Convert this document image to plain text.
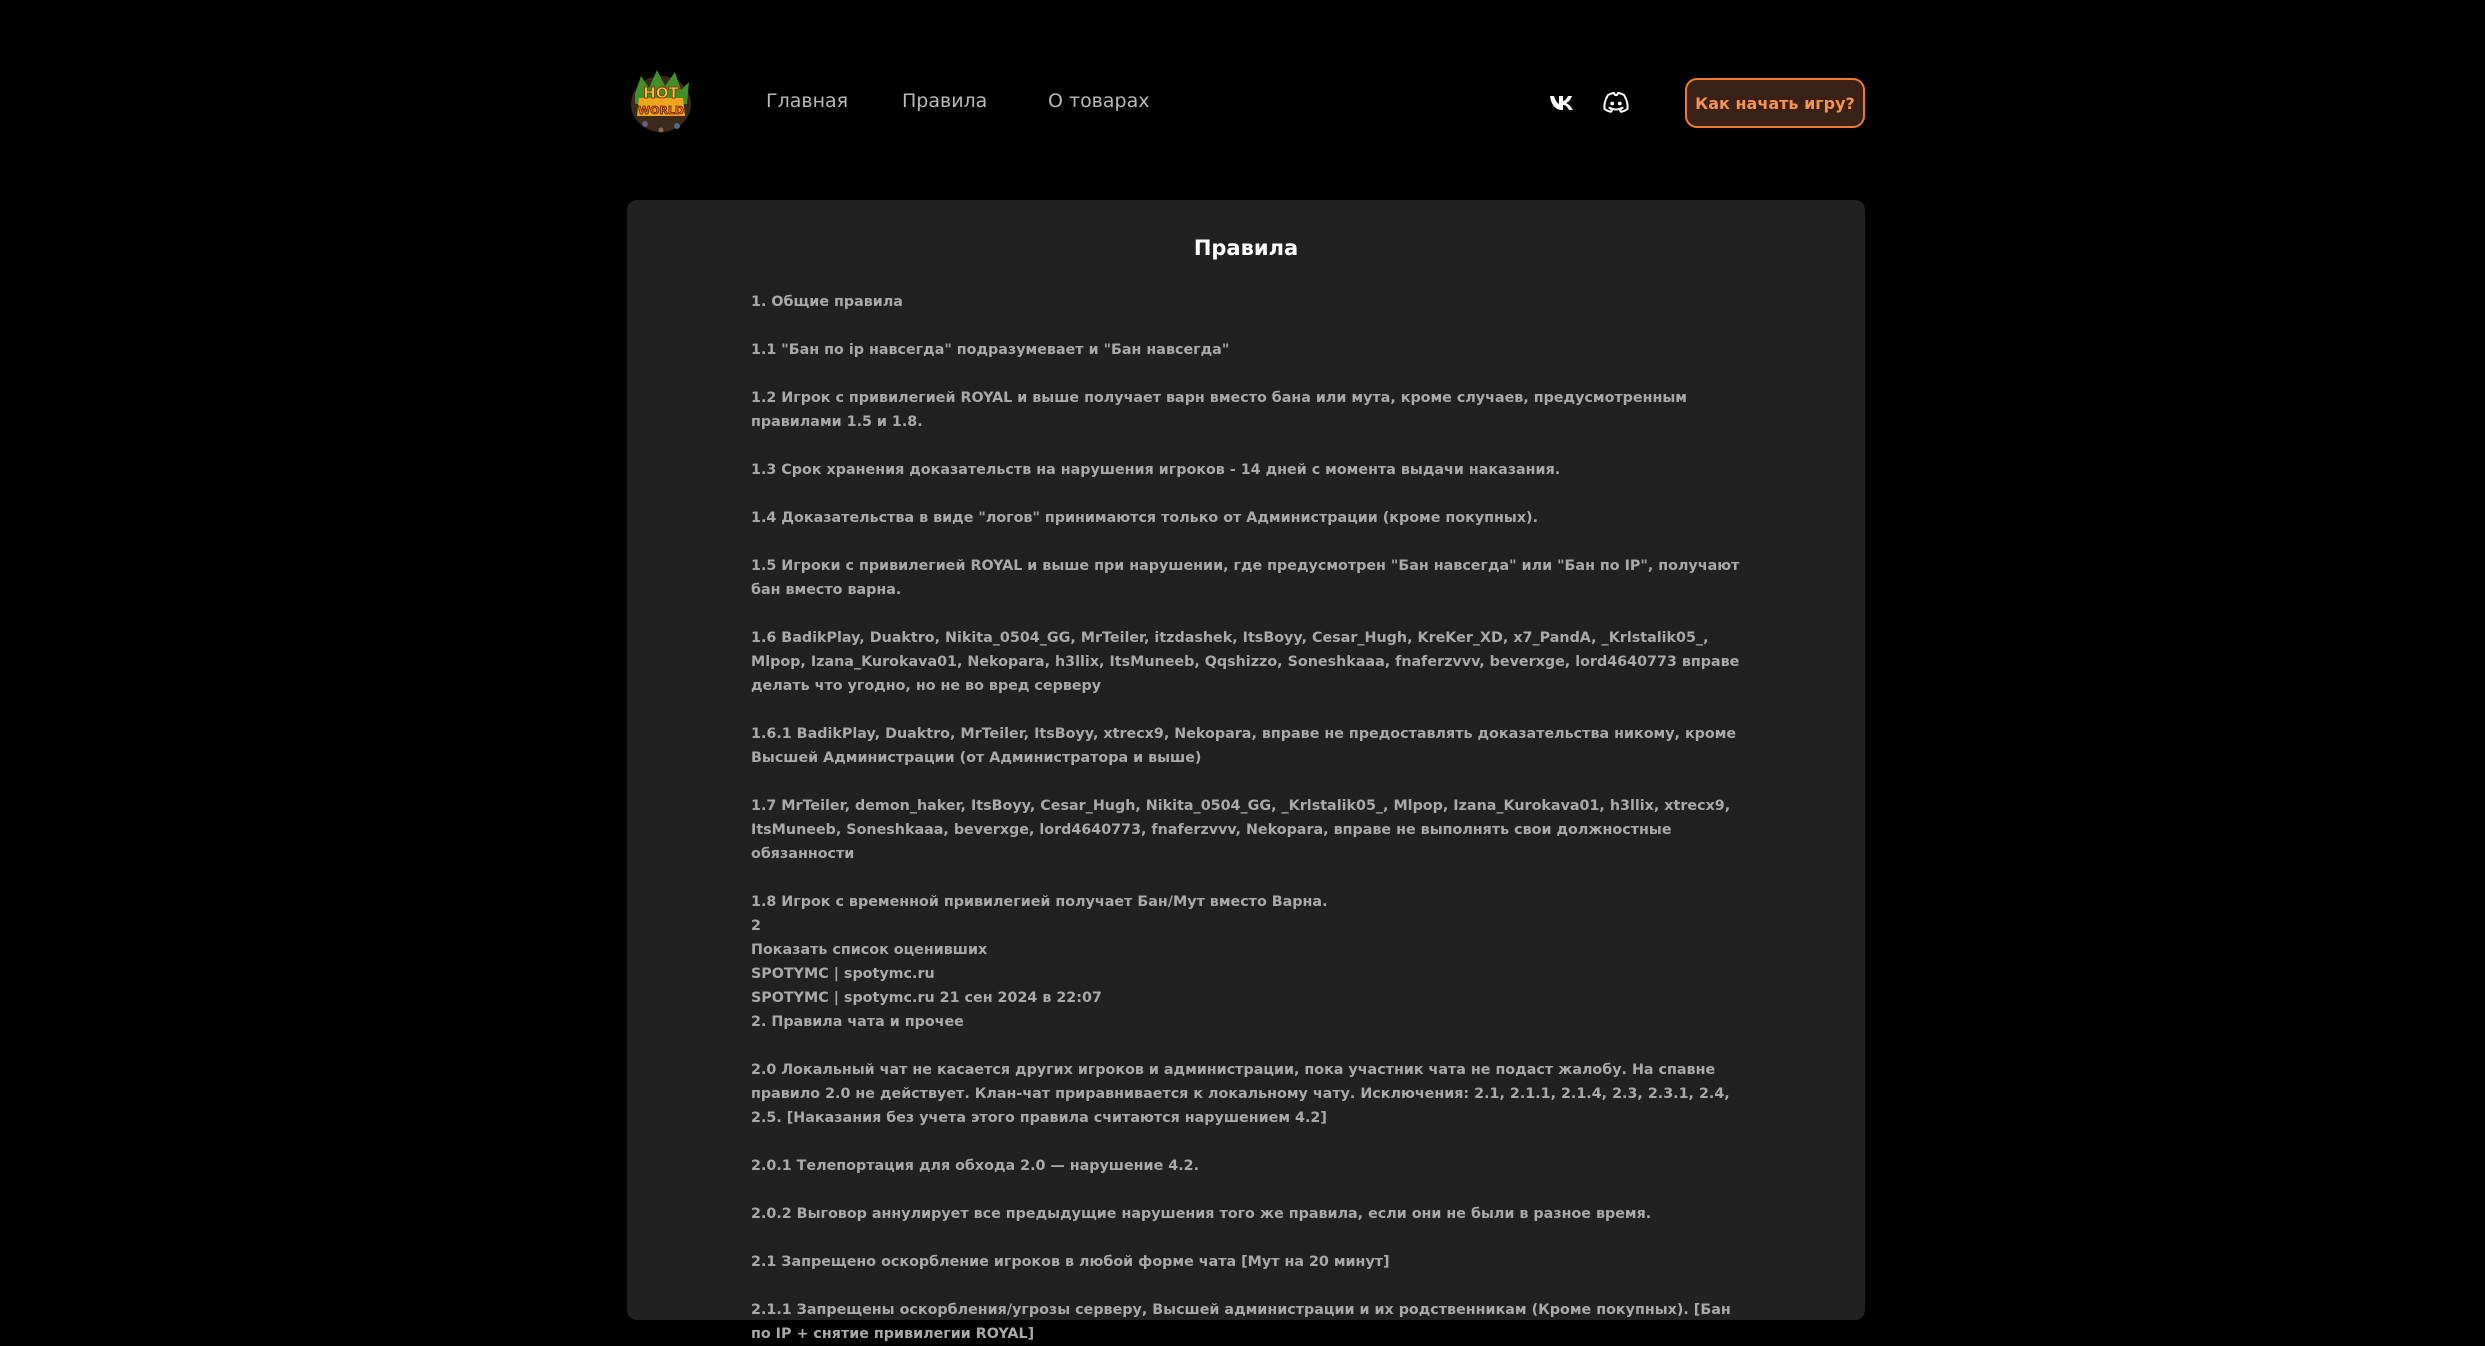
HOT
WORLD	Главная	Правила	О товарах	Как начать игру?
Правила

1. Общие правила

1.1 "Бан по ip навсегда" подразумевает и "Бан навсегда"

1.2 Игрок с привилегией ROYAL и выше получает варн вместо бана или мута, кроме случаев, предусмотренным правилами 1.5 и 1.8.

1.3 Срок хранения доказательств на нарушения игроков - 14 дней с момента выдачи наказания.

1.4 Доказательства в виде "логов" принимаются только от Администрации (кроме покупных).

1.5 Игроки с привилегией ROYAL и выше при нарушении, где предусмотрен "Бан навсегда" или "Бан по IP", получают бан вместо варна.

1.6 BadikPlay, Duaktro, Nikita_0504_GG, MrTeiler, itzdashek, ItsBoyy, Cesar_Hugh, KreKer_XD, x7_PandA, _Krlstalik05_, Mlpop, Izana_Kurokava01, Nekopara, h3llix, ItsMuneeb, Qqshizzo, Soneshkaaa, fnaferzvvv, beverxge, lord4640773 вправе делать что угодно, но не во вред серверу

1.6.1 BadikPlay, Duaktro, MrTeiler, ItsBoyy, xtrecx9, Nekopara, вправе не предоставлять доказательства никому, кроме Высшей Администрации (от Администратора и выше)

1.7 MrTeiler, demon_haker, ItsBoyy, Cesar_Hugh, Nikita_0504_GG, _Krlstalik05_, Mlpop, Izana_Kurokava01, h3llix, xtrecx9, ItsMuneeb, Soneshkaaa, beverxge, lord4640773, fnaferzvvv, Nekopara, вправе не выполнять свои должностные обязанности

1.8 Игрок с временной привилегией получает Бан/Мут вместо Варна.

2

Показать список оценивших

SPOTYMC | spotymc.ru

SPOTYMC | spotymc.ru 21 сен 2024 в 22:07

2. Правила чата и прочее

2.0 Локальный чат не касается других игроков и администрации, пока участник чата не подаст жалобу. На спавне правило 2.0 не действует. Клан-чат приравнивается к локальному чату. Исключения: 2.1, 2.1.1, 2.1.4, 2.3, 2.3.1, 2.4, 2.5. [Наказания без учета этого правила считаются нарушением 4.2]

2.0.1 Телепортация для обхода 2.0 — нарушение 4.2.

2.0.2 Выговор аннулирует все предыдущие нарушения того же правила, если они не были в разное время.

2.1 Запрещено оскорбление игроков в любой форме чата [Мут на 20 минут]

2.1.1 Запрещены оскорбления/угрозы серверу, Высшей администрации и их родственникам (Кроме покупных). [Бан по IP + снятие привилегии ROYAL]
